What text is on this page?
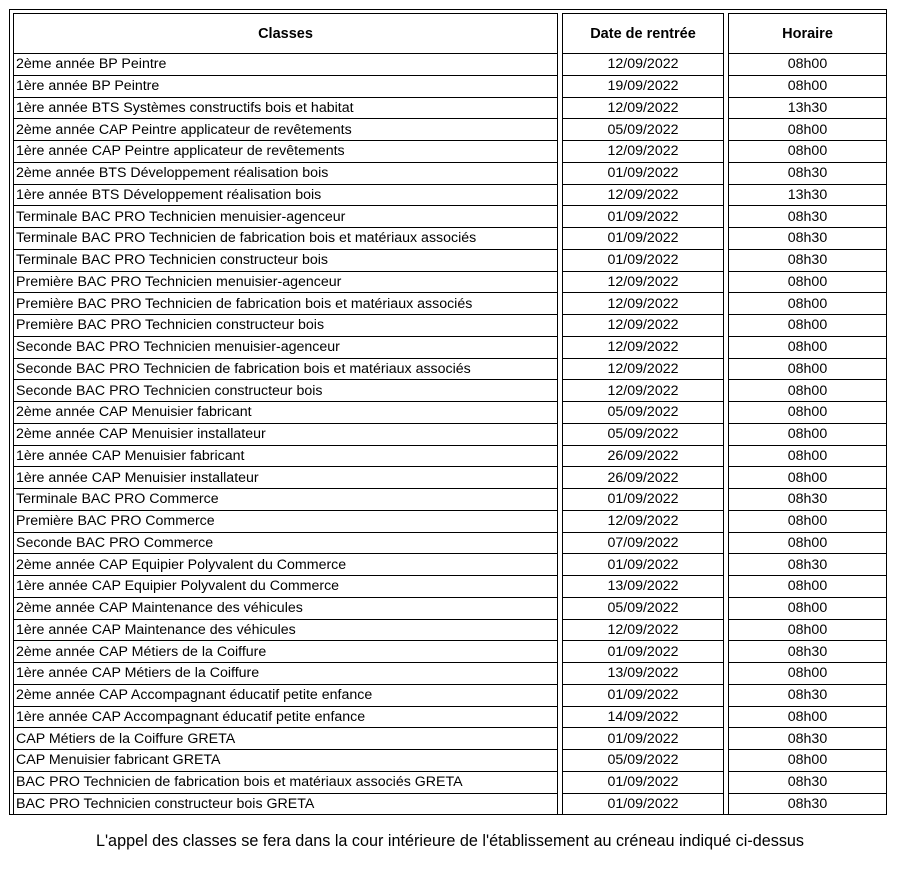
Classes		Date de rentrée		Horaire
2ème année BP Peintre		12/09/2022		08h00
1ère année BP Peintre		19/09/2022		08h00
1ère année BTS Systèmes constructifs bois et habitat		12/09/2022		13h30
2ème année CAP Peintre applicateur de revêtements		05/09/2022		08h00
1ère année CAP Peintre applicateur de revêtements		12/09/2022		08h00
2ème année BTS Développement réalisation bois		01/09/2022		08h30
1ère année BTS Développement réalisation bois		12/09/2022		13h30
Terminale BAC PRO Technicien menuisier-agenceur		01/09/2022		08h30
Terminale BAC PRO Technicien de fabrication bois et matériaux associés		01/09/2022		08h30
Terminale BAC PRO Technicien constructeur bois		01/09/2022		08h30
Première BAC PRO Technicien menuisier-agenceur		12/09/2022		08h00
Première BAC PRO Technicien de fabrication bois et matériaux associés		12/09/2022		08h00
Première BAC PRO Technicien constructeur bois		12/09/2022		08h00
Seconde BAC PRO Technicien menuisier-agenceur		12/09/2022		08h00
Seconde BAC PRO Technicien de fabrication bois et matériaux associés		12/09/2022		08h00
Seconde BAC PRO Technicien constructeur bois		12/09/2022		08h00
2ème année CAP Menuisier fabricant		05/09/2022		08h00
2ème année CAP Menuisier installateur		05/09/2022		08h00
1ère année CAP Menuisier fabricant		26/09/2022		08h00
1ère année CAP Menuisier installateur		26/09/2022		08h00
Terminale BAC PRO Commerce		01/09/2022		08h30
Première BAC PRO Commerce		12/09/2022		08h00
Seconde BAC PRO Commerce		07/09/2022		08h00
2ème année CAP Equipier Polyvalent du Commerce		01/09/2022		08h30
1ère année CAP Equipier Polyvalent du Commerce		13/09/2022		08h00
2ème année CAP Maintenance des véhicules		05/09/2022		08h00
1ère année CAP Maintenance des véhicules		12/09/2022		08h00
2ème année CAP Métiers de la Coiffure		01/09/2022		08h30
1ère année CAP Métiers de la Coiffure		13/09/2022		08h00
2ème année CAP Accompagnant éducatif petite enfance		01/09/2022		08h30
1ère année CAP Accompagnant éducatif petite enfance		14/09/2022		08h00
CAP Métiers de la Coiffure GRETA		01/09/2022		08h30
CAP Menuisier fabricant GRETA		05/09/2022		08h00
BAC PRO Technicien de fabrication bois et matériaux associés GRETA		01/09/2022		08h30
BAC PRO Technicien constructeur bois GRETA		01/09/2022		08h30
L'appel des classes se fera dans la cour intérieure de l'établissement au créneau indiqué ci-dessus
